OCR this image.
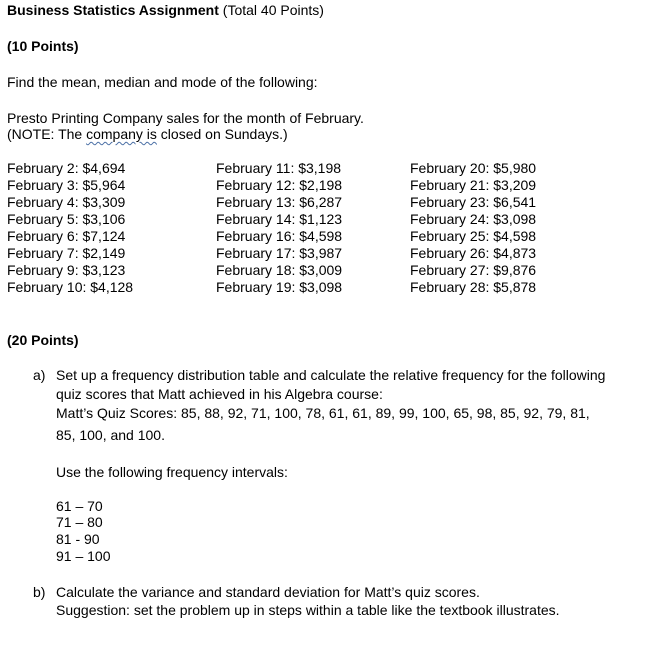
Business Statistics Assignment (Total 40 Points)
(10 Points)
Find the mean, median and mode of the following:
Presto Printing Company sales for the month of February.
(NOTE: The company is closed on Sundays.)
February 2: $4,694
February 3: $5,964
February 4: $3,309
February 5: $3,106
February 6: $7,124
February 7: $2,149
February 9: $3,123
February 10: $4,128
February 11: $3,198
February 12: $2,198
February 13: $6,287
February 14: $1,123
February 16: $4,598
February 17: $3,987
February 18: $3,009
February 19: $3,098
February 20: $5,980
February 21: $3,209
February 23: $6,541
February 24: $3,098
February 25: $4,598
February 26: $4,873
February 27: $9,876
February 28: $5,878
(20 Points)
a) Set up a frequency distribution table and calculate the relative frequency for the following
quiz scores that Matt achieved in his Algebra course:
Matt’s Quiz Scores: 85, 88, 92, 71, 100, 78, 61, 61, 89, 99, 100, 65, 98, 85, 92, 79, 81,
85, 100, and 100.
Use the following frequency intervals:
61 – 70
71 – 80
81 - 90
91 – 100
b) Calculate the variance and standard deviation for Matt’s quiz scores.
Suggestion: set the problem up in steps within a table like the textbook illustrates.
